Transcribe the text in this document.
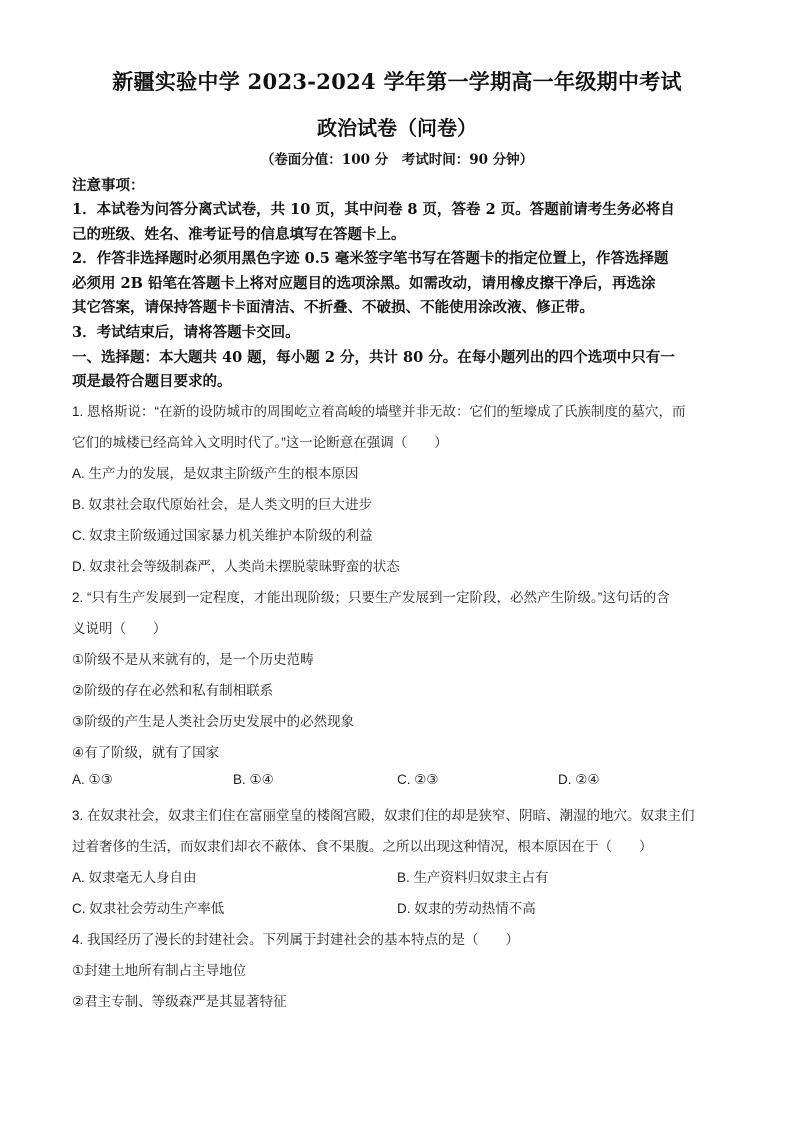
新疆实验中学 2023-2024 学年第一学期高一年级期中考试
政治试卷（问卷）
（卷面分值：100 分　考试时间：90 分钟）
注意事项：
1．本试卷为问答分离式试卷，共 10 页，其中问卷 8 页，答卷 2 页。答题前请考生务必将自
己的班级、姓名、准考证号的信息填写在答题卡上。
2．作答非选择题时必须用黑色字迹 0.5 毫米签字笔书写在答题卡的指定位置上，作答选择题
必须用 2B 铅笔在答题卡上将对应题目的选项涂黑。如需改动，请用橡皮擦干净后，再选涂
其它答案，请保持答题卡卡面清洁、不折叠、不破损、不能使用涂改液、修正带。
3．考试结束后，请将答题卡交回。
一、选择题：本大题共 40 题，每小题 2 分，共计 80 分。在每小题列出的四个选项中只有一
项是最符合题目要求的。
1. 恩格斯说：“在新的设防城市的周围屹立着高峻的墙壁并非无故：它们的堑壕成了氏族制度的墓穴，而
它们的城楼已经高耸入文明时代了。”这一论断意在强调（　　）
A. 生产力的发展，是奴隶主阶级产生的根本原因
B. 奴隶社会取代原始社会，是人类文明的巨大进步
C. 奴隶主阶级通过国家暴力机关维护本阶级的利益
D. 奴隶社会等级制森严，人类尚未摆脱蒙昧野蛮的状态
2. “只有生产发展到一定程度，才能出现阶级；只要生产发展到一定阶段，必然产生阶级。”这句话的含
义说明（　　）
①阶级不是从来就有的，是一个历史范畴
②阶级的存在必然和私有制相联系
③阶级的产生是人类社会历史发展中的必然现象
④有了阶级，就有了国家
A. ①③	B. ①④	C. ②③	D. ②④
3. 在奴隶社会，奴隶主们住在富丽堂皇的楼阁宫殿，奴隶们住的却是狭窄、阴暗、潮湿的地穴。奴隶主们
过着奢侈的生活，而奴隶们却衣不蔽体、食不果腹。之所以出现这种情况，根本原因在于（　　）
A. 奴隶毫无人身自由	B. 生产资料归奴隶主占有
C. 奴隶社会劳动生产率低	D. 奴隶的劳动热情不高
4. 我国经历了漫长的封建社会。下列属于封建社会的基本特点的是（　　）
①封建土地所有制占主导地位
②君主专制、等级森严是其显著特征
